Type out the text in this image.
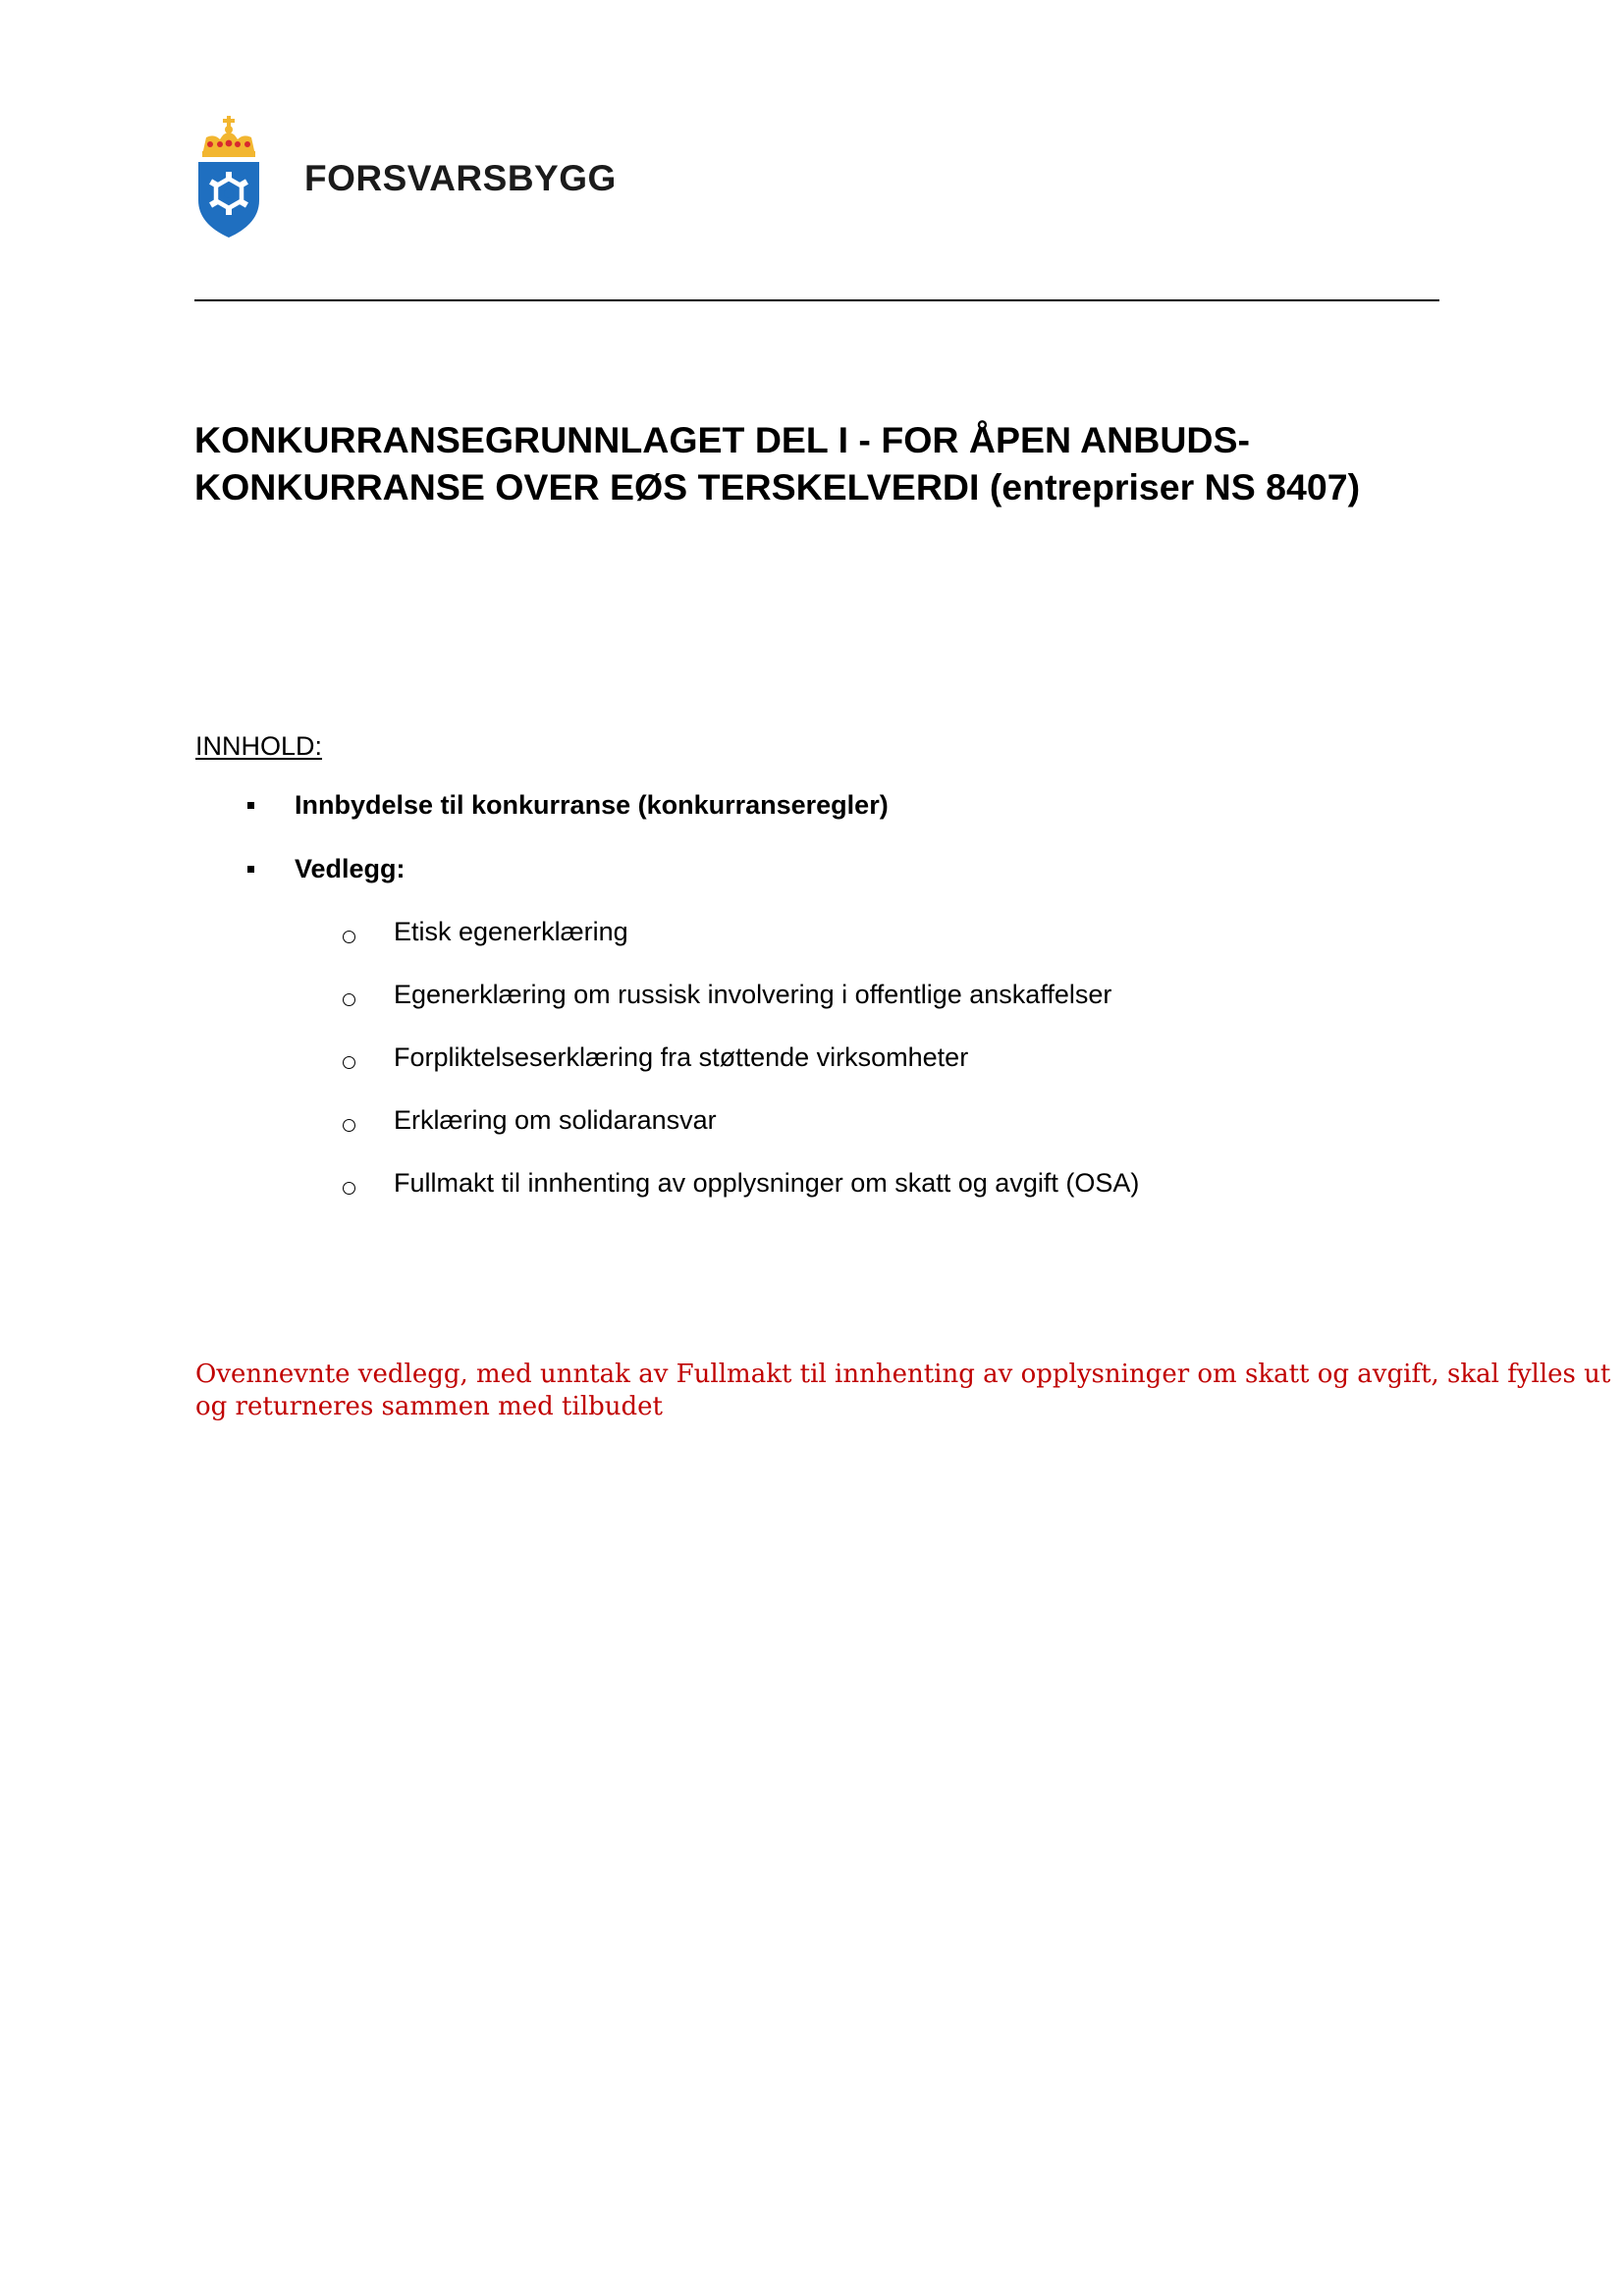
FORSVARSBYGG
KONKURRANSEGRUNNLAGET DEL I - FOR ÅPEN ANBUDS-
KONKURRANSE OVER EØS TERSKELVERDI (entrepriser NS 8407)
INNHOLD:
Innbydelse til konkurranse (konkurranseregler)
Vedlegg:
Etisk egenerklæring
Egenerklæring om russisk involvering i offentlige anskaffelser
Forpliktelseserklæring fra støttende virksomheter
Erklæring om solidaransvar
Fullmakt til innhenting av opplysninger om skatt og avgift (OSA)

Ovennevnte vedlegg, med unntak av Fullmakt til innhenting av opplysninger om skatt og avgift, skal fylles ut
og returneres sammen med tilbudet
